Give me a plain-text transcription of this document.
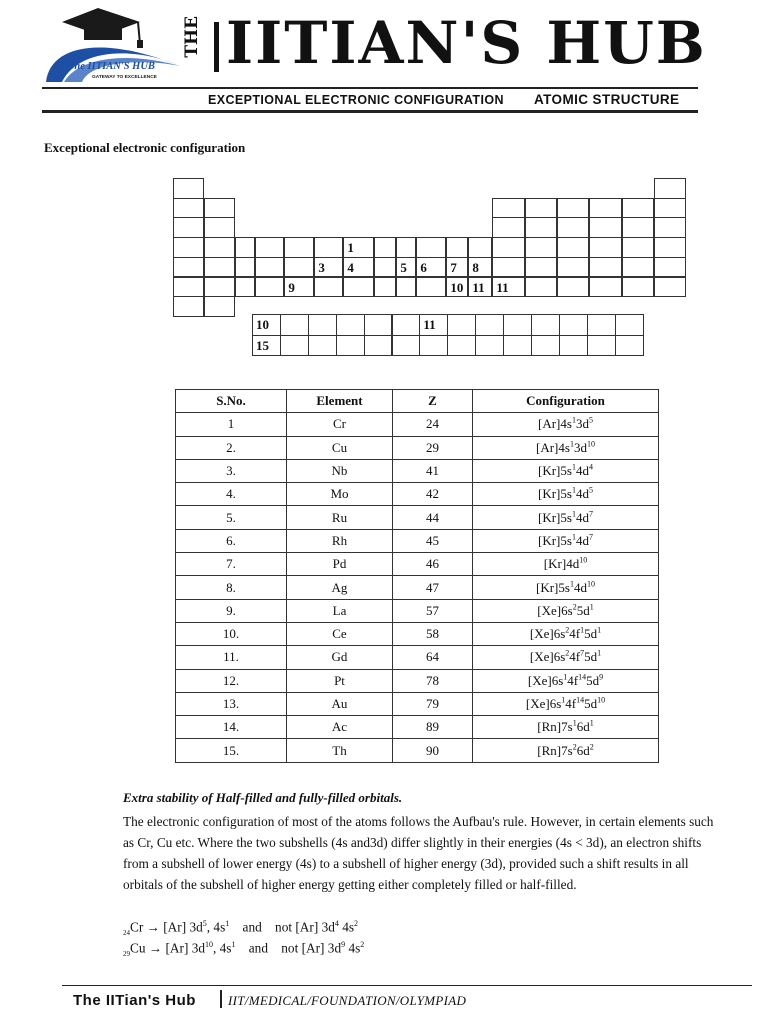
The IITIAN'S HUB
GATEWAY TO EXCELLENCE
THE IITIAN'S HUB
EXCEPTIONAL ELECTRONIC CONFIGURATION ATOMIC STRUCTURE
Exceptional electronic configuration
1
3 4	5 6 7 8
9	10 11 11
10	11
15
S.No.	Element	Z	Configuration
1	Cr	24	$[Ar]4s^13d^5$
2.	Cu	29	$[Ar]4s^13d^{10}$
3.	Nb	41	$[Kr]5s^14d^4$
4.	Mo	42	$[Kr]5s^14d^5$
5.	Ru	44	$[Kr]5s^14d^7$
6.	Rh	45	$[Kr]5s^14d^7$
7.	Pd	46	$[Kr]4d^{10}$
8.	Ag	47	$[Kr]5s^14d^{10}$
9.	La	57	$[Xe]6s^25d^1$
10.	Ce	58	$[Xe]6s^24f^15d^1$
11.	Gd	64	$[Xe]6s^24f^75d^1$
12.	Pt	78	$[Xe]6s^14f^{14}5d^9$
13.	Au	79	$[Xe]6s^14f^{14}5d^{10}$
14.	Ac	89	$[Rn]7s^16d^1$
15.	Th	90	$[Rn]7s^26d^2$
Extra stability of Half-filled and fully-filled orbitals.
The electronic configuration of most of the atoms follows the Aufbau's rule. However, in certain elements such as Cr, Cu etc. Where the two subshells (4s and3d) differ slightly in their energies (4s < 3d), an electron shifts from a subshell of lower energy (4s) to a subshell of higher energy (3d), provided such a shift results in all orbitals of the subshell of higher energy getting either completely filled or half-filled.
$_{24}$Cr → [Ar] $3d^5$, $4s^1$ and not [Ar] $3d^4$ $4s^2$
$_{29}$Cu → [Ar] $3d^{10}$, $4s^1$ and not [Ar] $3d^9$ $4s^2$
The IITian's Hub IIT/MEDICAL/FOUNDATION/OLYMPIAD
